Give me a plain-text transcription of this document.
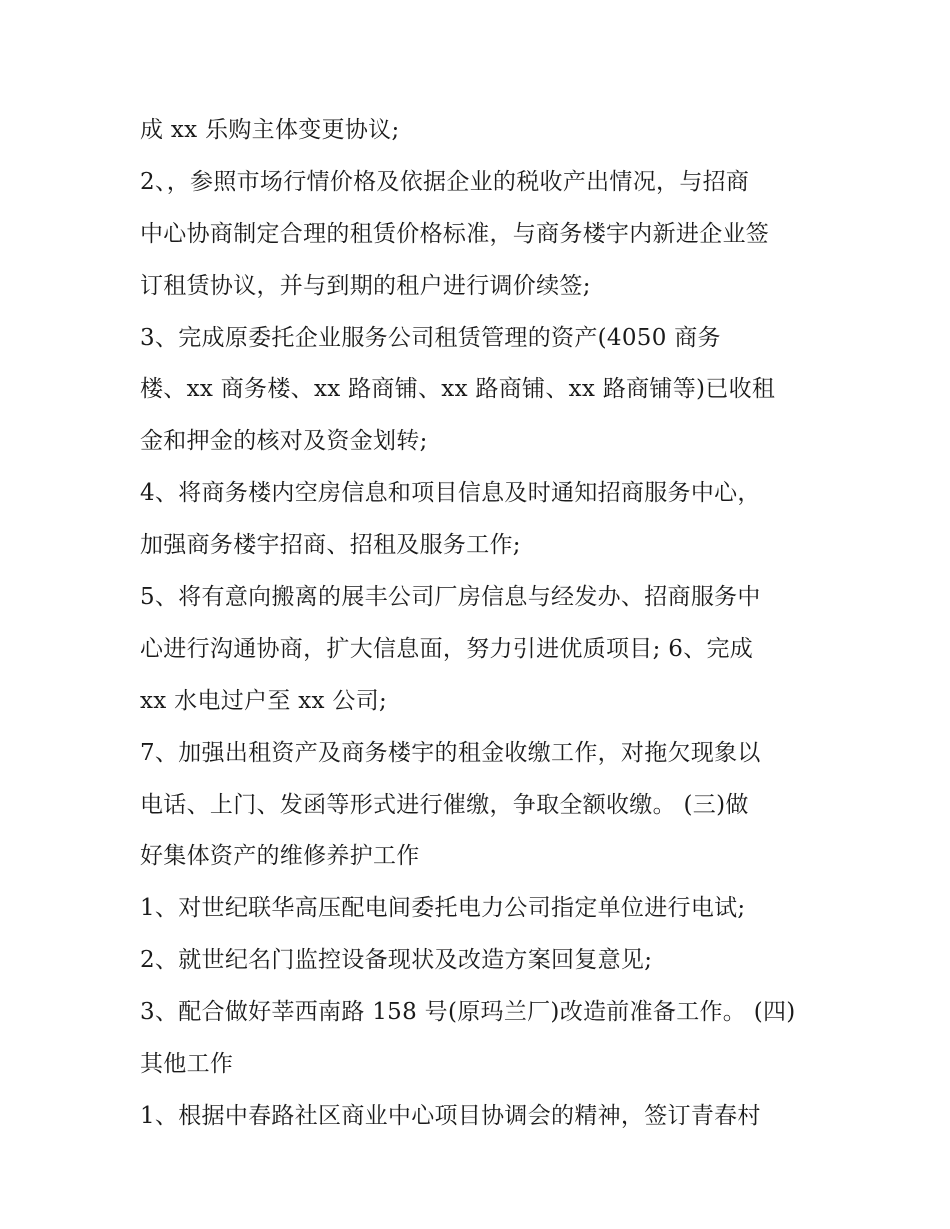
成 xx 乐购主体变更协议;
2、，参照市场行情价格及依据企业的税收产出情况，与招商
中心协商制定合理的租赁价格标准，与商务楼宇内新进企业签
订租赁协议，并与到期的租户进行调价续签;
3、完成原委托企业服务公司租赁管理的资产(4050 商务
楼、xx 商务楼、xx 路商铺、xx 路商铺、xx 路商铺等)已收租
金和押金的核对及资金划转;
4、将商务楼内空房信息和项目信息及时通知招商服务中心，
加强商务楼宇招商、招租及服务工作;
5、将有意向搬离的展丰公司厂房信息与经发办、招商服务中
心进行沟通协商，扩大信息面，努力引进优质项目; 6、完成
xx 水电过户至 xx 公司;
7、加强出租资产及商务楼宇的租金收缴工作，对拖欠现象以
电话、上门、发函等形式进行催缴，争取全额收缴。 (三)做
好集体资产的维修养护工作
1、对世纪联华高压配电间委托电力公司指定单位进行电试;
2、就世纪名门监控设备现状及改造方案回复意见;
3、配合做好莘西南路 158 号(原玛兰厂)改造前准备工作。 (四)
其他工作
1、根据中春路社区商业中心项目协调会的精神，签订青春村
